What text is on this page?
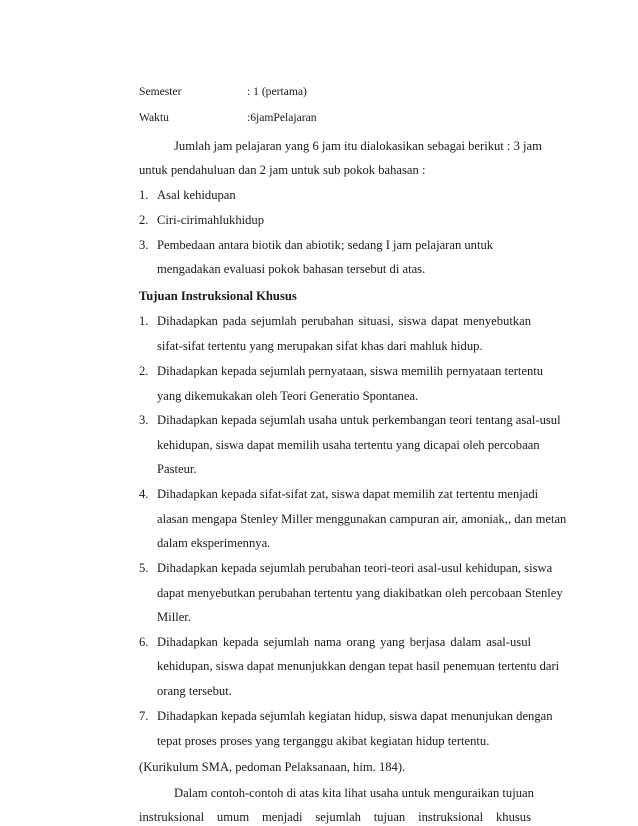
Semester	: 1 (pertama)
Waktu	:6jamPelajaran
Jumlah jam pelajaran yang 6 jam itu dialokasikan sebagai berikut : 3 jam
untuk pendahuluan dan 2 jam untuk sub pokok bahasan :
1. Asal kehidupan
2. Ciri-cirimahlukhidup
3. Pembedaan antara biotik dan abiotik; sedang I jam pelajaran untuk
mengadakan evaluasi pokok bahasan tersebut di atas.
Tujuan Instruksional Khusus
1. Dihadapkan pada sejumlah perubahan situasi, siswa dapat menyebutkan
sifat-sifat tertentu yang merupakan sifat khas dari mahluk hidup.
2. Dihadapkan kepada sejumlah pernyataan, siswa memilih pernyataan tertentu
yang dikemukakan oleh Teori Generatio Spontanea.
3. Dihadapkan kepada sejumlah usaha untuk perkembangan teori tentang asal-usul
kehidupan, siswa dapat memilih usaha tertentu yang dicapai oleh percobaan
Pasteur.
4. Dihadapkan kepada sifat-sifat zat, siswa dapat memilih zat tertentu menjadi
alasan mengapa Stenley Miller menggunakan campuran air, amoniak,, dan metan
dalam eksperimennya.
5. Dihadapkan kepada sejumlah perubahan teori-teori asal-usul kehidupan, siswa
dapat menyebutkan perubahan tertentu yang diakibatkan oleh percobaan Stenley
Miller.
6. Dihadapkan kepada sejumlah nama orang yang berjasa dalam asal-usul
kehidupan, siswa dapat menunjukkan dengan tepat hasil penemuan tertentu dari
orang tersebut.
7. Dihadapkan kepada sejumlah kegiatan hidup, siswa dapat menunjukan dengan
tepat proses proses yang terganggu akibat kegiatan hidup tertentu.
(Kurikulum SMA, pedoman Pelaksanaan, him. 184).
Dalam contoh-contoh di atas kita lihat usaha untuk menguraikan tujuan
instruksional umum menjadi sejumlah tujuan instruksional khusus
